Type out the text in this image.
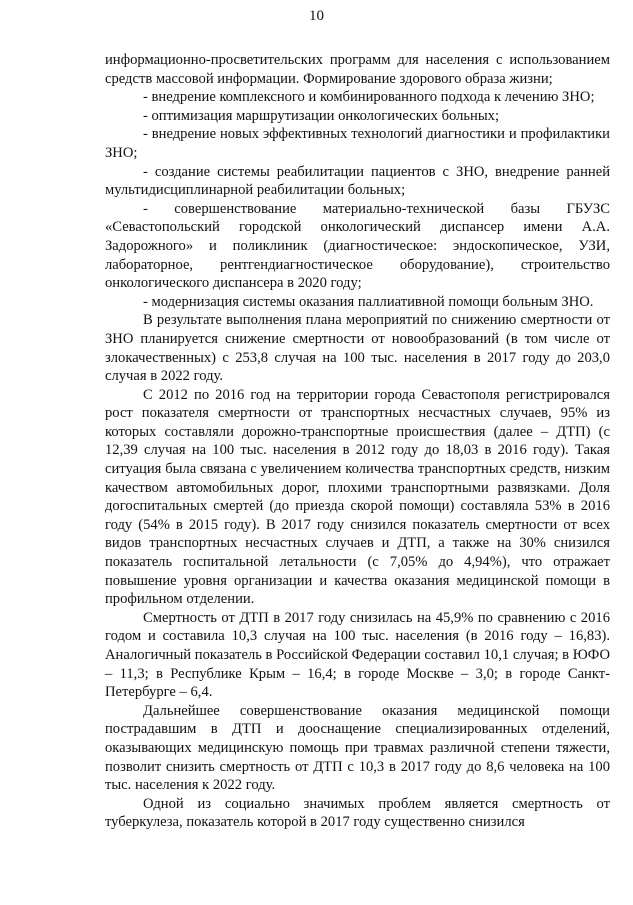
10

информационно-просветительских программ для населения с использованием средств массовой информации. Формирование здорового образа жизни;

- внедрение комплексного и комбинированного подхода к лечению ЗНО;

- оптимизация маршрутизации онкологических больных;

- внедрение новых эффективных технологий диагностики и профилактики ЗНО;

- создание системы реабилитации пациентов с ЗНО, внедрение ранней мультидисциплинарной реабилитации больных;

- совершенствование материально-технической базы ГБУЗС «Севастопольский городской онкологический диспансер имени А.А. Задорожного» и поликлиник (диагностическое: эндоскопическое, УЗИ, лабораторное, рентгендиагностическое оборудование), строительство онкологического диспансера в 2020 году;

- модернизация системы оказания паллиативной помощи больным ЗНО.

В результате выполнения плана мероприятий по снижению смертности от ЗНО планируется снижение смертности от новообразований (в том числе от злокачественных) с 253,8 случая на 100 тыс. населения в 2017 году до 203,0 случая в 2022 году.

С 2012 по 2016 год на территории города Севастополя регистрировался рост показателя смертности от транспортных несчастных случаев, 95% из которых составляли дорожно-транспортные происшествия (далее – ДТП) (с 12,39 случая на 100 тыс. населения в 2012 году до 18,03 в 2016 году). Такая ситуация была связана с увеличением количества транспортных средств, низким качеством автомобильных дорог, плохими транспортными развязками. Доля догоспитальных смертей (до приезда скорой помощи) составляла 53% в 2016 году (54% в 2015 году). В 2017 году снизился показатель смертности от всех видов транспортных несчастных случаев и ДТП, а также на 30% снизился показатель госпитальной летальности (с 7,05% до 4,94%), что отражает повышение уровня организации и качества оказания медицинской помощи в профильном отделении.

Смертность от ДТП в 2017 году снизилась на 45,9% по сравнению с 2016 годом и составила 10,3 случая на 100 тыс. населения (в 2016 году – 16,83). Аналогичный показатель в Российской Федерации составил 10,1 случая; в ЮФО – 11,3; в Республике Крым – 16,4; в городе Москве – 3,0; в городе Санкт-Петербурге – 6,4.

Дальнейшее совершенствование оказания медицинской помощи пострадавшим в ДТП и дооснащение специализированных отделений, оказывающих медицинскую помощь при травмах различной степени тяжести, позволит снизить смертность от ДТП с 10,3 в 2017 году до 8,6 человека на 100 тыс. населения к 2022 году.

Одной из социально значимых проблем является смертность от туберкулеза, показатель которой в 2017 году существенно снизился
